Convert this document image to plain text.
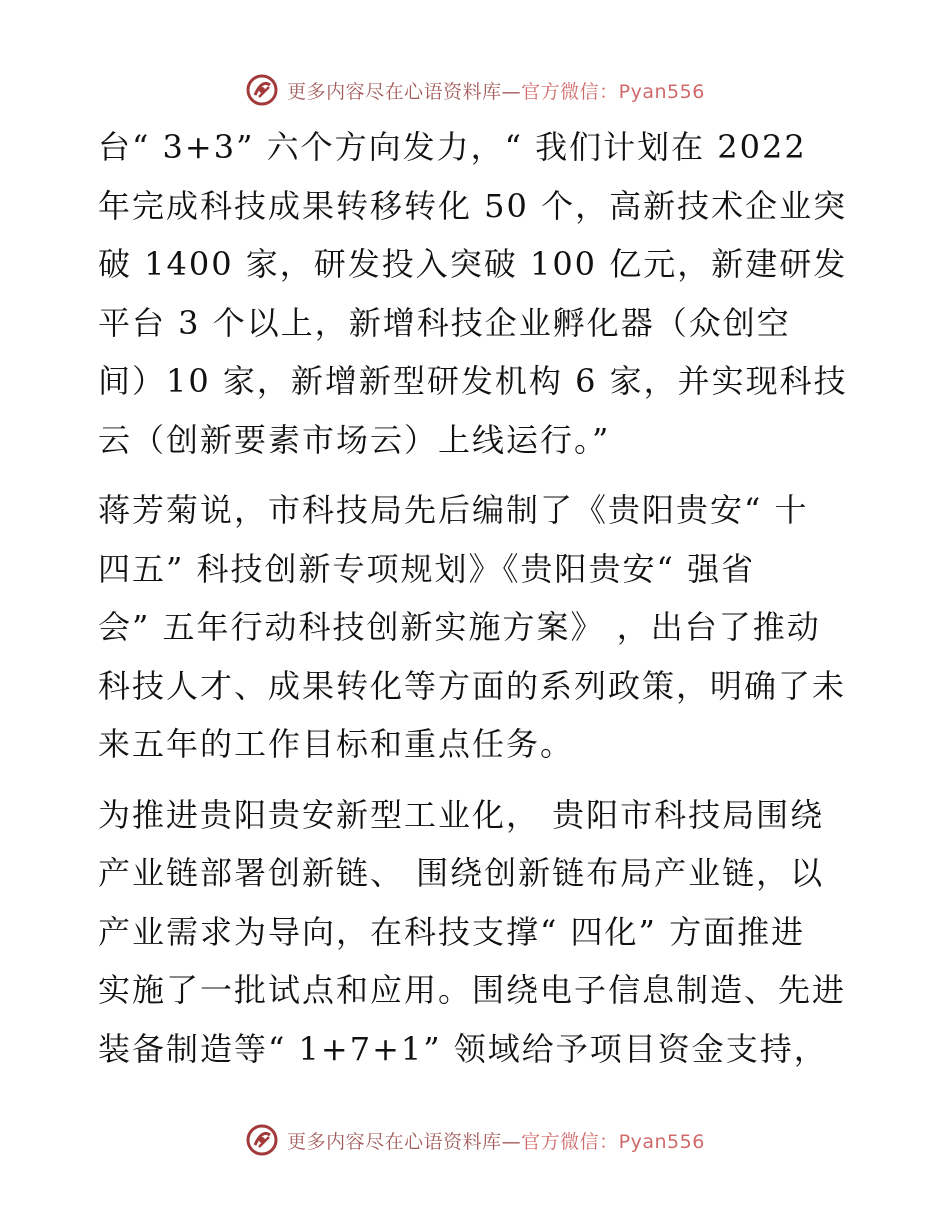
更多内容尽在心语资料库—官方微信：Pyan556

台“ 3+3” 六个方向发力，“ 我们计划在 2022
年完成科技成果转移转化 50 个，高新技术企业突
破 1400 家，研发投入突破 100 亿元，新建研发
平台 3 个以上，新增科技企业孵化器（众创空
间）10 家，新增新型研发机构 6 家，并实现科技
云（创新要素市场云）上线运行。”

蒋芳菊说，市科技局先后编制了《贵阳贵安“ 十
四五” 科技创新专项规划》《贵阳贵安“ 强省
会” 五年行动科技创新实施方案》 ，出台了推动
科技人才、成果转化等方面的系列政策，明确了未
来五年的工作目标和重点任务。

为推进贵阳贵安新型工业化， 贵阳市科技局围绕
产业链部署创新链、 围绕创新链布局产业链，以
产业需求为导向，在科技支撑“ 四化” 方面推进
实施了一批试点和应用。围绕电子信息制造、先进
装备制造等“ 1+7+1” 领域给予项目资金支持，

更多内容尽在心语资料库—官方微信：Pyan556
